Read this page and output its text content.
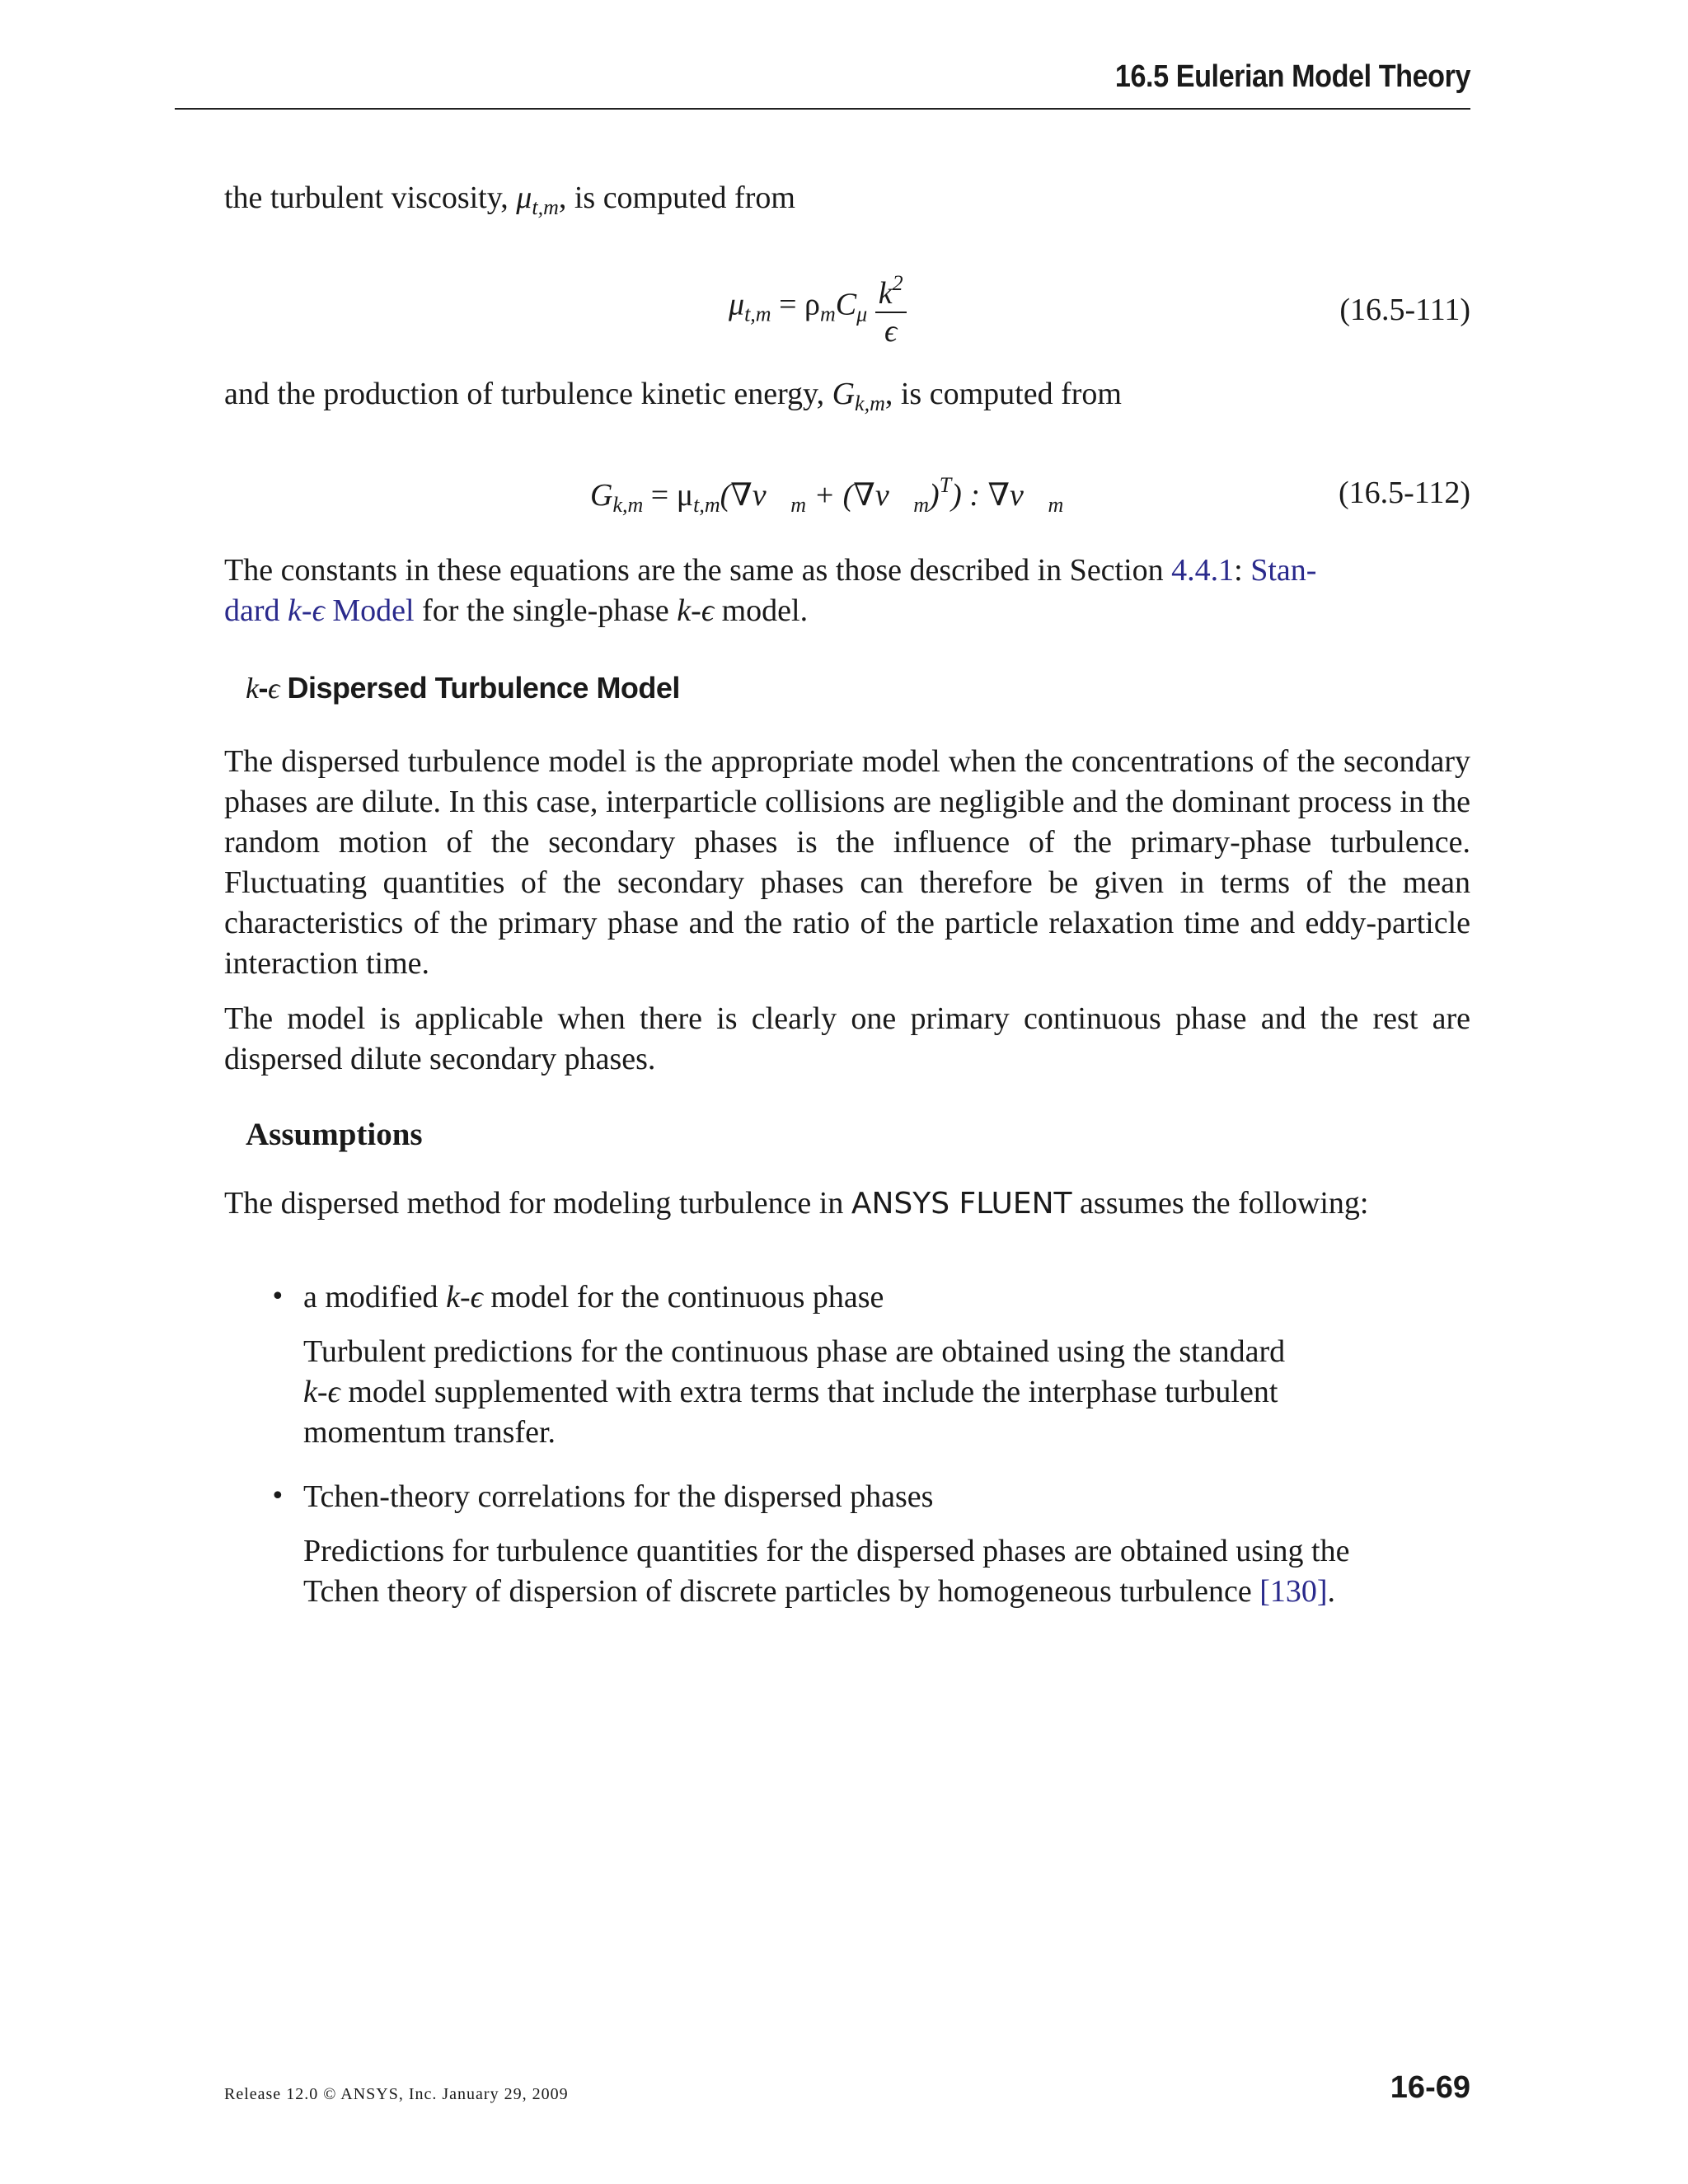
16.5 Eulerian Model Theory
the turbulent viscosity, $\mu_{t,m}$, is computed from
$\mu_{t,m} = \rho_mC_\mu \frac{k^2}{\epsilon}$	(16.5-111)
and the production of turbulence kinetic energy, $G_{k,m}$, is computed from
$G_{k,m}$ = $\mu_{t,m}(\nabla v⃗_m$ + $(\nabla v⃗_m)^T$) : $\nabla v⃗_m$	(16.5-112)
The constants in these equations are the same as those described in Section 4.4.1: Stan-
dard k-ϵ Model for the single-phase k-ϵ model.
k-ϵ Dispersed Turbulence Model
The dispersed turbulence model is the appropriate model when the concentrations of the secondary phases are dilute. In this case, interparticle collisions are negligible and the dominant process in the random motion of the secondary phases is the influence of the primary-phase turbulence. Fluctuating quantities of the secondary phases can therefore be given in terms of the mean characteristics of the primary phase and the ratio of the particle relaxation time and eddy-particle interaction time.
The model is applicable when there is clearly one primary continuous phase and the rest are dispersed dilute secondary phases.
Assumptions
The dispersed method for modeling turbulence in ANSYS FLUENT assumes the following:
• a modified k-ϵ model for the continuous phase
Turbulent predictions for the continuous phase are obtained using the standard
k-ϵ model supplemented with extra terms that include the interphase turbulent
momentum transfer.
• Tchen-theory correlations for the dispersed phases
Predictions for turbulence quantities for the dispersed phases are obtained using the
Tchen theory of dispersion of discrete particles by homogeneous turbulence [130].
Release 12.0 © ANSYS, Inc. January 29, 2009	16-69
